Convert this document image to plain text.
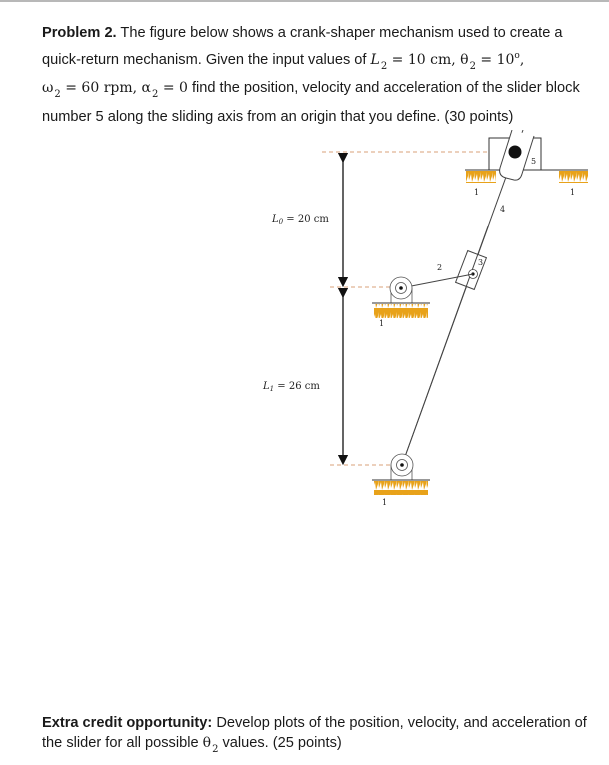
Problem 2. The figure below shows a crank-shaper mechanism used to create a quick-return mechanism. Given the input values of $L_2 = 10$ cm, $\theta_2 = 10^o$,
$\omega_2 = 60$ rpm, $\alpha_2 = 0$ find the position, velocity and acceleration of the slider block number 5 along the sliding axis from an origin that you define. (30 points)
$L_0 = 20$ cm
$L_1 = 26$ cm
1	1
1
1
2
3
4
5
Extra credit opportunity: Develop plots of the position, velocity, and acceleration of the slider for all possible $\theta_2$ values. (25 points)
